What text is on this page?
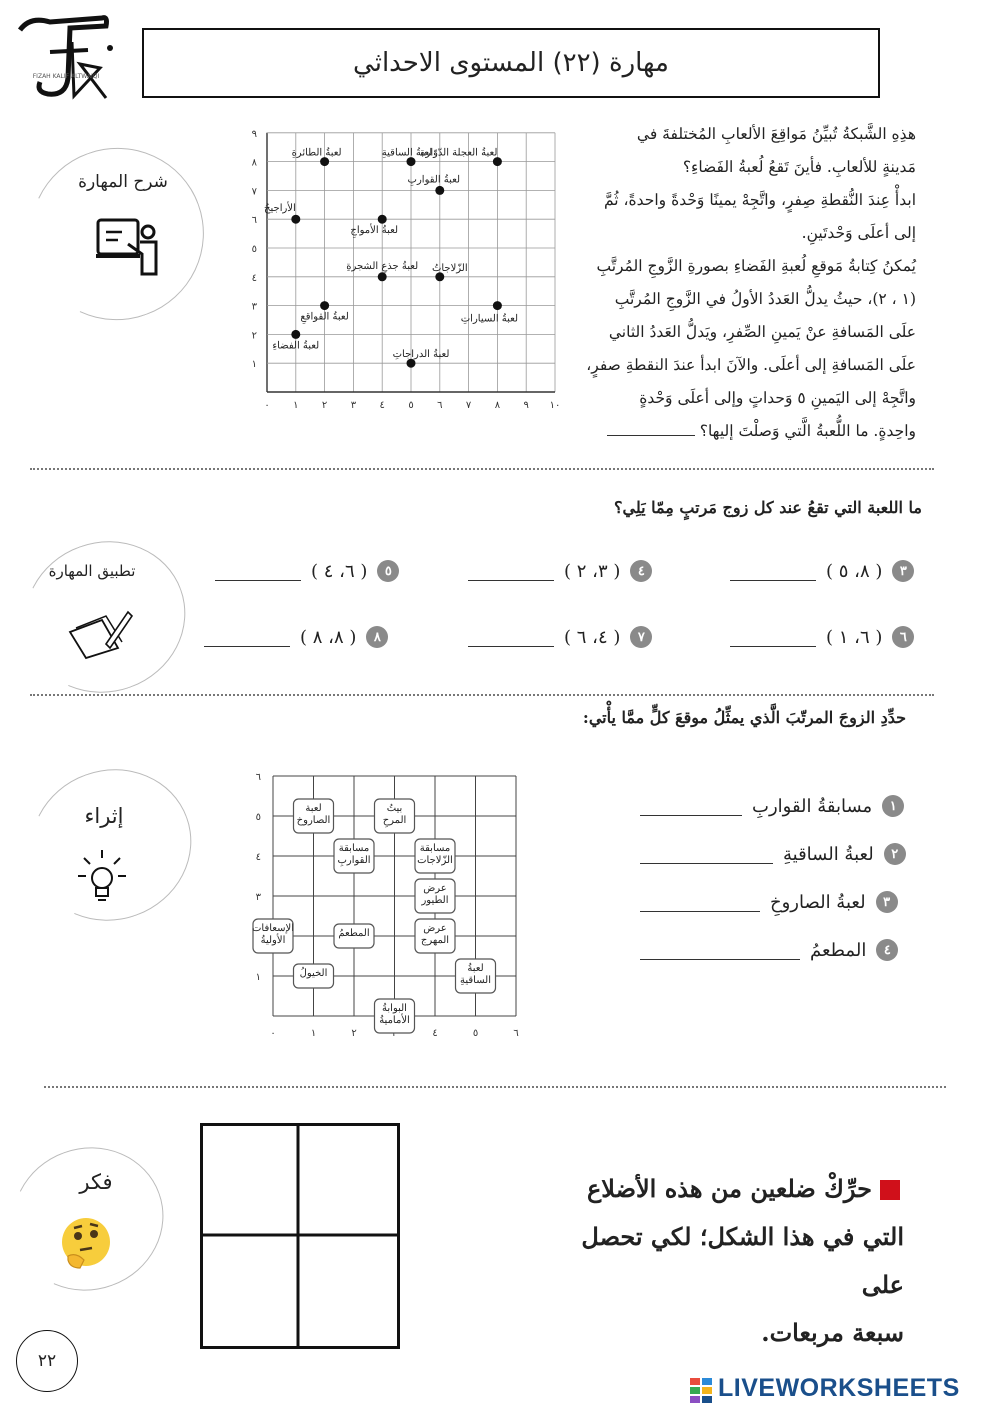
FIZAH KALIF ALTWAIQI	مهارة (٢٢) المستوى الاحداثي
شرح المهارة
٠ ١ ٢ ٣ ٤ ٥ ٦ ٧ ٨ ٩ ١٠
١
٢
٣
٤
٥
٦
٧
٨
٩
لعبةُ الطائرةِ	لعبةُ الساقيةِ
لعبةُ العجلة الدّوّارة
لعبةُ القواربِ
الأراجيحُ
لعبةُ الأمواجِ
لعبةُ جذعِ الشجرةِ الزّلاجاتُ
لعبةُ القواقعِ	لعبةُ السياراتِ
لعبةُ الفضاءِ
لعبةُ الدراجاتِ

هذِهِ الشَّبكةُ تُبيِّنُ مَواقِعَ الألعابِ المُختلفةَ في

مَدينةٍ للألعابِ. فأينَ تَقعُ لُعبةُ الفَضاءِ؟

ابدأْ عِندَ النُّقطةِ صِفرٍ، واتَّجِهْ يمينًا وَحْدةً واحدةً، ثُمَّ

إلى أعلَى وَحْدتَينِ.

يُمكنُ كِتابةُ مَوقعِ لُعبةِ الفَضاءِ بصورةِ الزَّوجِ المُرتَّبِ

(١ ، ٢)، حيثُ يدلُّ العَددُ الأولُ في الزَّوجِ المُرتَّبِ

علَى المَسافةِ عنْ يَمينِ الصِّفرِ، ويَدلُّ العَددُ الثاني

علَى المَسافةِ إلى أعلَى. والآنَ ابدأ عندَ النقطةِ صفرٍ،

واتَّجِهْ إلى اليَمينِ ٥ وَحداتٍ وإلى أعلَى وَحْدةٍ

واحِدةٍ. ما اللُّعبةُ الَّتي وَصلْتَ إليها؟

ما اللعبة التي تقعُ عند كل زوج مَرتبٍ مِمّا يَلِي؟
تطبيق المهارة	٣
( ٨، ٥ )
٤
( ٣، ٢ )
٥
( ٦، ٤ )
٦
( ٦، ١ )
٧
( ٤، ٦ )
٨
( ٨، ٨ )
حدِّدِ الزوجَ المرتّبَ الَّذي يمثِّلُ موقعَ كلٍّ ممَّا يأْتي:
إثراء
٠	١	٢	٤	٥	٦
١
٣
٤
٥
٦
لعبة
الصاروخ
بيتُ
المرحِ
مسابقة
القواربِ
مسابقة
الزّلاجات
عرض
الطيور
الإسعافات
الأوليةُ
المطعمُ	عرض
المهرج
الخيولُ	لعبةُ
الساقيةِ
البوابةُ
الأماميةُ
١
مسابقةُ القواربِ
٢
لعبةُ الساقيةِ
٣
لعبةُ الصاروخِ
٤
المطعمُ
فكر	حرِّكْ ضلعين من هذه الأضلاع
التي في هذا الشكل؛ لكي تحصل على
سبعة مربعات.
٢٢
LIVEWORKSHEETS
